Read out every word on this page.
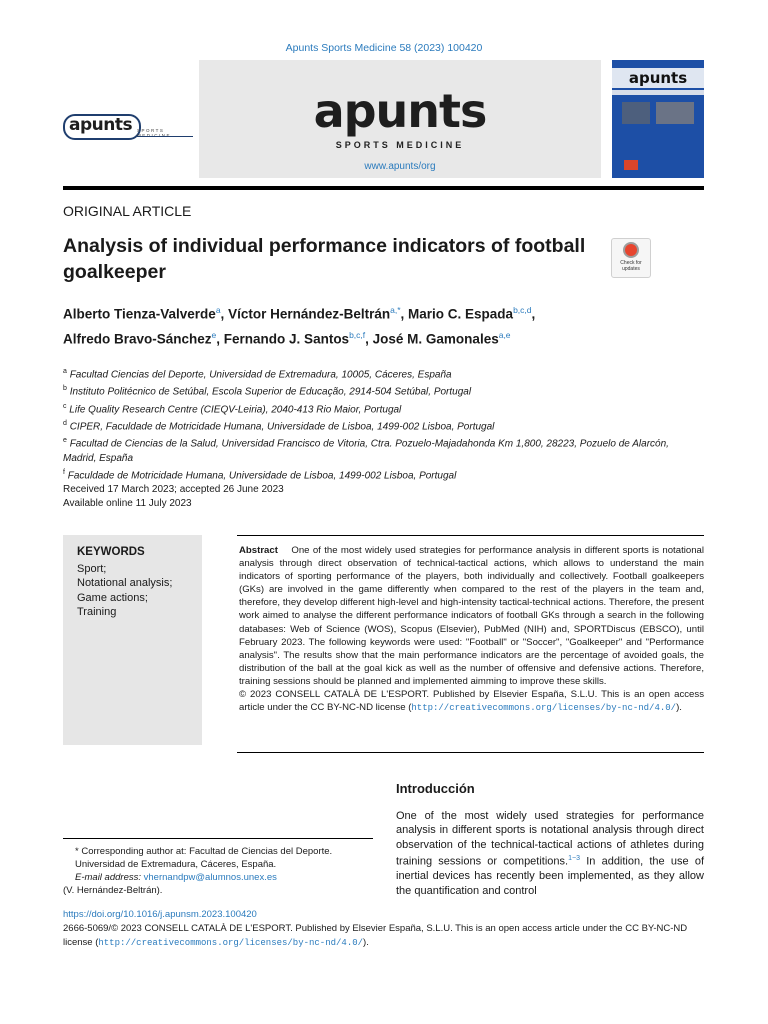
Apunts Sports Medicine 58 (2023) 100420
apunts SPORTS	apunts
SPORTS MEDICINE
www.apunts/org
apunts
ORIGINAL ARTICLE
Analysis of individual performance indicators of football goalkeeper	Check for updates
Alberto Tienza-Valverde$^a$, Víctor Hernández-Beltrán$^{a,*}$, Mario C. Espada$^{b,c,d}$,
Alfredo Bravo-Sánchez$^e$, Fernando J. Santos$^{b,c,f}$, José M. Gamonales$^{a,e}$
$^a$ Facultad Ciencias del Deporte, Universidad de Extremadura, 10005, Cáceres, España
$^b$ Instituto Politécnico de Setúbal, Escola Superior de Educação, 2914-504 Setúbal, Portugal
$^c$ Life Quality Research Centre (CIEQV-Leiria), 2040-413 Rio Maior, Portugal
$^d$ CIPER, Faculdade de Motricidade Humana, Universidade de Lisboa, 1499-002 Lisboa, Portugal
$^e$ Facultad de Ciencias de la Salud, Universidad Francisco de Vitoria, Ctra. Pozuelo-Majadahonda Km 1,800, 28223, Pozuelo de Alarcón, Madrid, España
$^f$ Faculdade de Motricidade Humana, Universidade de Lisboa, 1499-002 Lisboa, Portugal
Received 17 March 2023; accepted 26 June 2023
Available online 11 July 2023
KEYWORDS
Sport;
Notational analysis;
Game actions;
Training
Abstract One of the most widely used strategies for performance analysis in different sports is notational analysis through direct observation of technical-tactical actions, which allows to understand the main indicators of sporting performance of the players, both individually and collectively. Football goalkeepers (GKs) are involved in the game differently when compared to the rest of the players in the team and, therefore, they develop different high-level and high-intensity tactical-technical actions. Therefore, the present work aimed to analyse the different performance indicators of football GKs through a search in the following databases: Web of Science (WOS), Scopus (Elsevier), PubMed (NIH) and, SPORTDiscus (EBSCO), until February 2023. The following keywords were used: "Football" or "Soccer", "Goalkeeper" and "Performance analysis". The results show that the main performance indicators are the percentage of avoided goals, the distribution of the ball at the goal kick as well as the number of offensive and defensive actions. Therefore, training sessions should be planned and implemented aimming to improve these skills.
© 2023 CONSELL CATALÀ DE L'ESPORT. Published by Elsevier España, S.L.U. This is an open access article under the CC BY-NC-ND license (http://creativecommons.org/licenses/by-nc-nd/4.0/).
Introducción
One of the most widely used strategies for performance analysis in different sports is notational analysis through direct observation of the technical-tactical actions of athletes during training sessions or competitions.$^{1-3}$ In addition, the use of inertial devices has recently been implemented, as they allow the quantification and control
* Corresponding author at: Facultad de Ciencias del Deporte. Universidad de Extremadura, Cáceres, España.
E-mail address: vhernandpw@alumnos.unex.es
(V. Hernández-Beltrán).
https://doi.org/10.1016/j.apunsm.2023.100420
2666-5069/© 2023 CONSELL CATALÀ DE L'ESPORT. Published by Elsevier España, S.L.U. This is an open access article under the CC BY-NC-ND license (http://creativecommons.org/licenses/by-nc-nd/4.0/).
